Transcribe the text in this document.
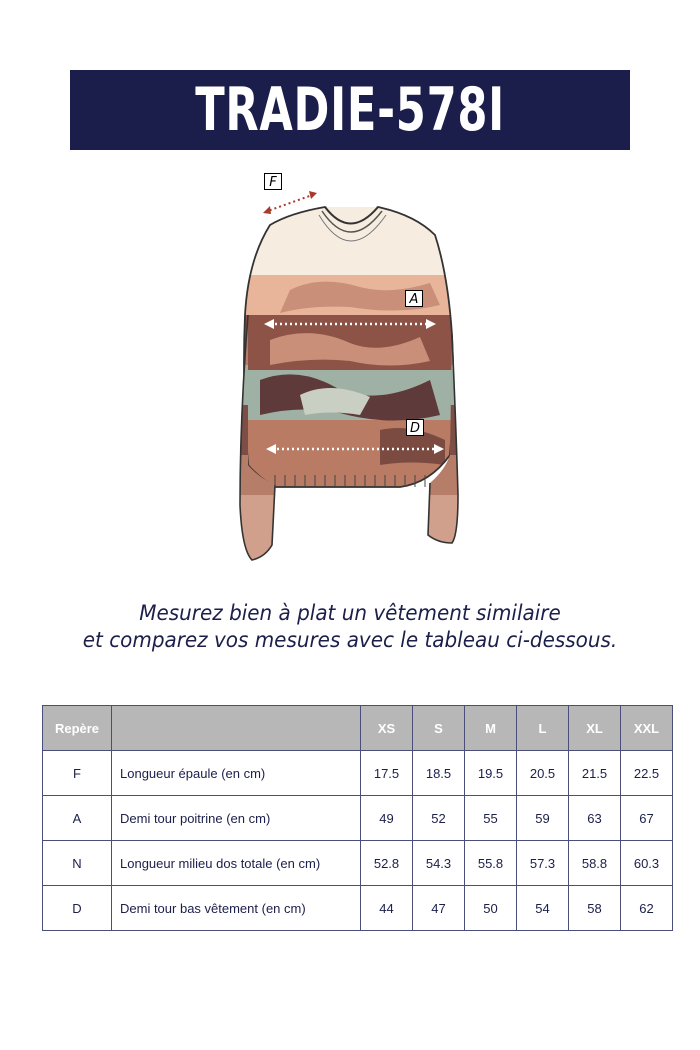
TRADIE-578I
F
A
D
Mesurez bien à plat un vêtement similaire
et comparez vos mesures avec le tableau ci-dessous.
Repère		XS	S	M	L	XL	XXL
F	Longueur épaule (en cm)	17.5	18.5	19.5	20.5	21.5	22.5
A	Demi tour poitrine (en cm)	49	52	55	59	63	67
N	Longueur milieu dos totale (en cm)	52.8	54.3	55.8	57.3	58.8	60.3
D	Demi tour bas vêtement (en cm)	44	47	50	54	58	62
